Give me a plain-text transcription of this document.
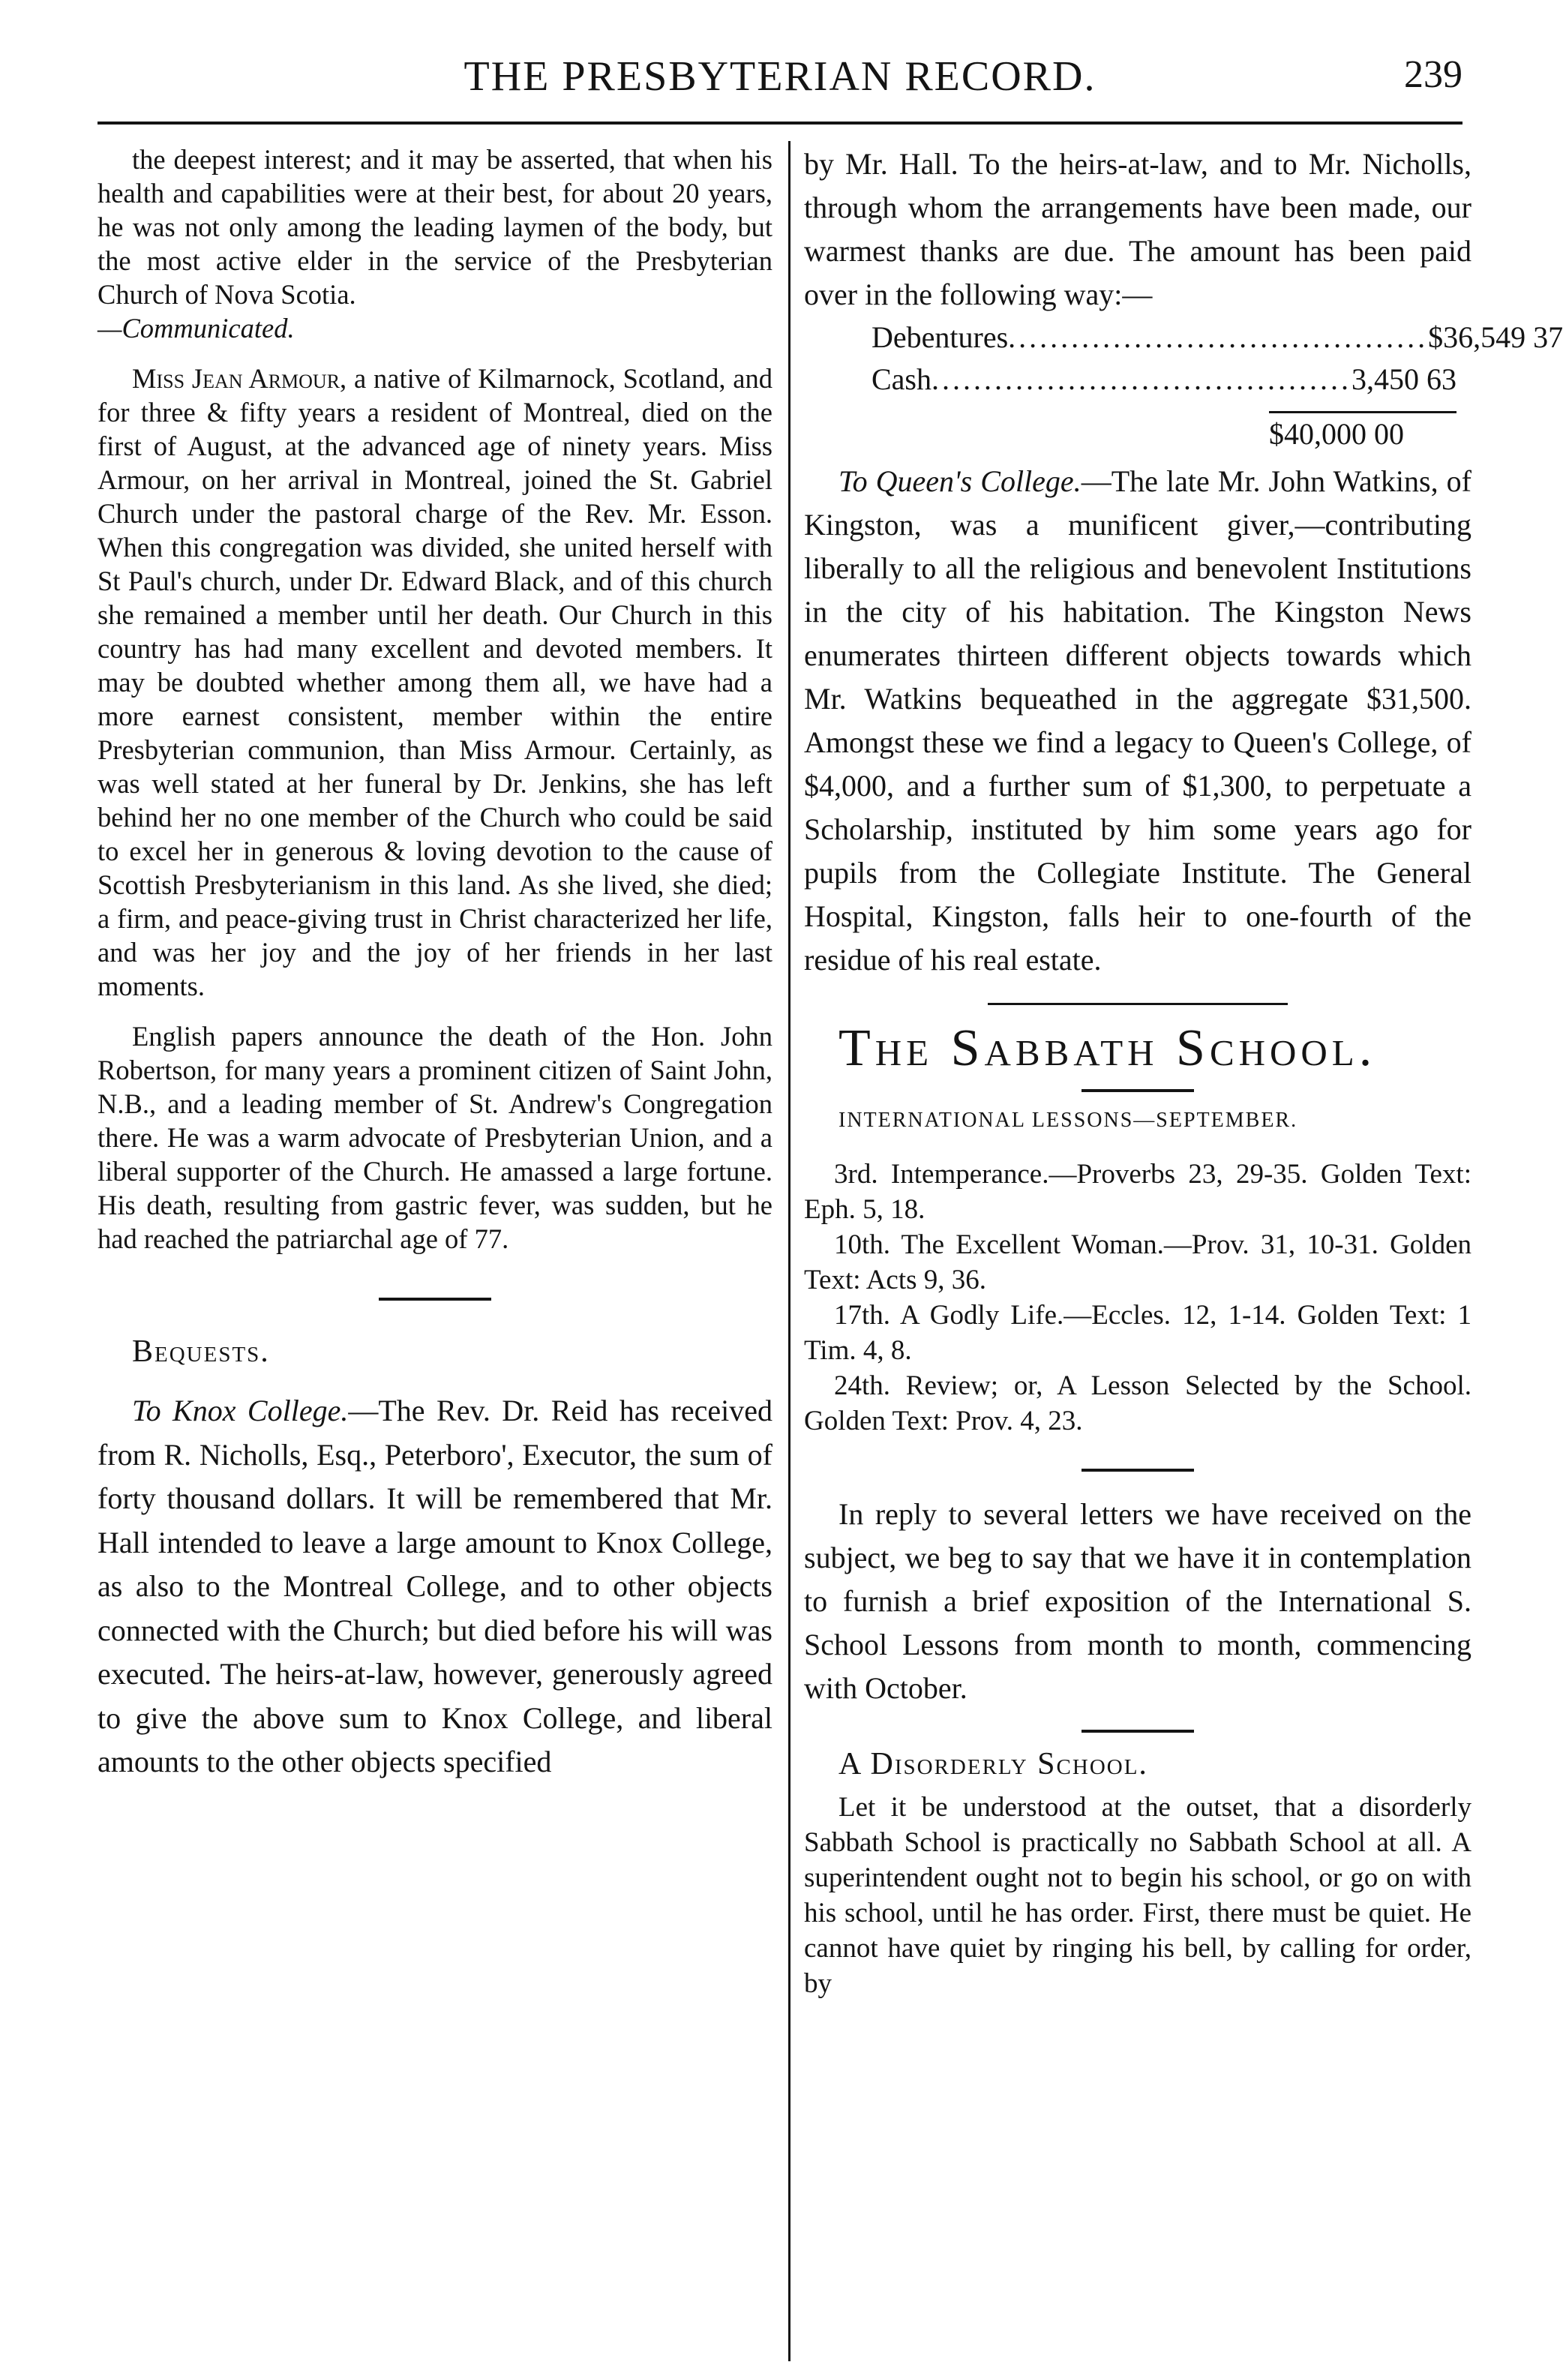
THE PRESBYTERIAN RECORD.	239

the deepest interest; and it may be asserted, that when his health and capabilities were at their best, for about 20 years, he was not only among the leading laymen of the body, but the most active elder in the service of the Presbyterian Church of Nova Scotia.

—Communicated.

Miss Jean Armour, a native of Kilmarnock, Scotland, and for three & fifty years a resident of Montreal, died on the first of August, at the advanced age of ninety years. Miss Armour, on her arrival in Montreal, joined the St. Gabriel Church under the pastoral charge of the Rev. Mr. Esson. When this congregation was divided, she united herself with St Paul's church, under Dr. Edward Black, and of this church she remained a member until her death. Our Church in this country has had many excellent and devoted members. It may be doubted whether among them all, we have had a more earnest consistent, member within the entire Presbyterian communion, than Miss Armour. Certainly, as was well stated at her funeral by Dr. Jenkins, she has left behind her no one member of the Church who could be said to excel her in generous & loving devotion to the cause of Scottish Presbyterianism in this land. As she lived, she died; a firm, and peace-giving trust in Christ characterized her life, and was her joy and the joy of her friends in her last moments.

English papers announce the death of the Hon. John Robertson, for many years a prominent citizen of Saint John, N.B., and a leading member of St. Andrew's Congregation there. He was a warm advocate of Presbyterian Union, and a liberal supporter of the Church. He amassed a large fortune. His death, resulting from gastric fever, was sudden, but he had reached the patriarchal age of 77.

Bequests.

To Knox College.—The Rev. Dr. Reid has received from R. Nicholls, Esq., Peterboro', Executor, the sum of forty thousand dollars. It will be remembered that Mr. Hall intended to leave a large amount to Knox College, as also to the Montreal College, and to other objects connected with the Church; but died before his will was executed. The heirs-at-law, however, generously agreed to give the above sum to Knox College, and liberal amounts to the other objects specified

by Mr. Hall. To the heirs-at-law, and to Mr. Nicholls, through whom the arrangements have been made, our warmest thanks are due. The amount has been paid over in the following way:—

Debentures ........................................ $36,549 37
Cash ........................................ 3,450 63
$40,000 00

To Queen's College.—The late Mr. John Watkins, of Kingston, was a munificent giver,—contributing liberally to all the religious and benevolent Institutions in the city of his habitation. The Kingston News enumerates thirteen different objects towards which Mr. Watkins bequeathed in the aggregate $31,500. Amongst these we find a legacy to Queen's College, of $4,000, and a further sum of $1,300, to perpetuate a Scholarship, instituted by him some years ago for pupils from the Collegiate Institute. The General Hospital, Kingston, falls heir to one-fourth of the residue of his real estate.

The Sabbath School.

INTERNATIONAL LESSONS—SEPTEMBER.

3rd. Intemperance.—Proverbs 23, 29-35. Golden Text: Eph. 5, 18.

10th. The Excellent Woman.—Prov. 31, 10-31. Golden Text: Acts 9, 36.

17th. A Godly Life.—Eccles. 12, 1-14. Golden Text: 1 Tim. 4, 8.

24th. Review; or, A Lesson Selected by the School. Golden Text: Prov. 4, 23.

In reply to several letters we have received on the subject, we beg to say that we have it in contemplation to furnish a brief exposition of the International S. School Lessons from month to month, commencing with October.

A Disorderly School.

Let it be understood at the outset, that a disorderly Sabbath School is practically no Sabbath School at all. A superintendent ought not to begin his school, or go on with his school, until he has order. First, there must be quiet. He cannot have quiet by ringing his bell, by calling for order, by
